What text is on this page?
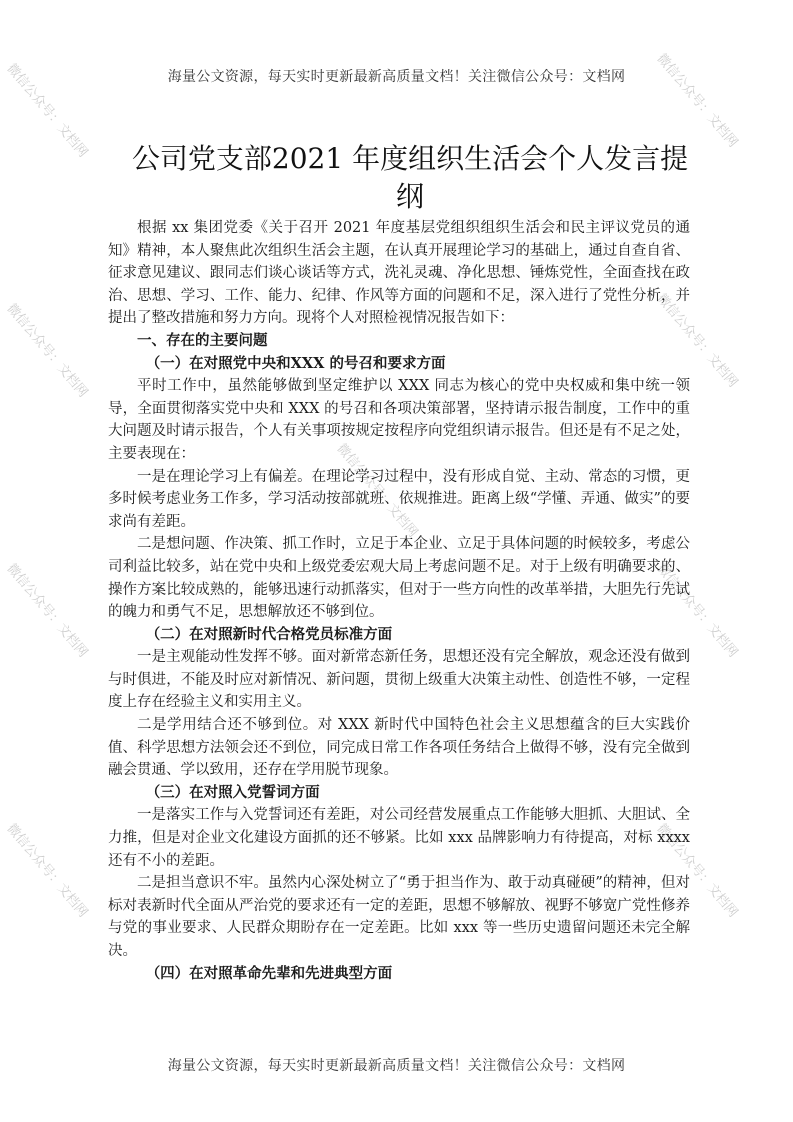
微信公众号：文档网	微信公众号：文档网
微信公众号：文档网	微信公众号：文档网
微信公众号：文档网	微信公众号：文档网
微信公众号：文档网	微信公众号：文档网
微信公众号：文档网
海量公文资源，每天实时更新最新高质量文档！关注微信公众号：文档网
公司党支部2021 年度组织生活会个人发言提纲

根据 xx 集团党委《关于召开 2021 年度基层党组织组织生活会和民主评议党员的通知》精神，本人聚焦此次组织生活会主题，在认真开展理论学习的基础上，通过自查自省、征求意见建议、跟同志们谈心谈话等方式，洗礼灵魂、净化思想、锤炼党性，全面查找在政治、思想、学习、工作、能力、纪律、作风等方面的问题和不足，深入进行了党性分析，并提出了整改措施和努力方向。现将个人对照检视情况报告如下：

一、存在的主要问题

（一）在对照党中央和XXX 的号召和要求方面

平时工作中，虽然能够做到坚定维护以 XXX 同志为核心的党中央权威和集中统一领导，全面贯彻落实党中央和 XXX 的号召和各项决策部署，坚持请示报告制度，工作中的重大问题及时请示报告，个人有关事项按规定按程序向党组织请示报告。但还是有不足之处，主要表现在：

一是在理论学习上有偏差。在理论学习过程中，没有形成自觉、主动、常态的习惯，更多时候考虑业务工作多，学习活动按部就班、依规推进。距离上级“学懂、弄通、做实”的要求尚有差距。

二是想问题、作决策、抓工作时，立足于本企业、立足于具体问题的时候较多，考虑公司利益比较多，站在党中央和上级党委宏观大局上考虑问题不足。对于上级有明确要求的、操作方案比较成熟的，能够迅速行动抓落实，但对于一些方向性的改革举措，大胆先行先试的魄力和勇气不足，思想解放还不够到位。

（二）在对照新时代合格党员标准方面

一是主观能动性发挥不够。面对新常态新任务，思想还没有完全解放，观念还没有做到与时俱进，不能及时应对新情况、新问题，贯彻上级重大决策主动性、创造性不够，一定程度上存在经验主义和实用主义。

二是学用结合还不够到位。对 XXX 新时代中国特色社会主义思想蕴含的巨大实践价值、科学思想方法领会还不到位，同完成日常工作各项任务结合上做得不够，没有完全做到融会贯通、学以致用，还存在学用脱节现象。

（三）在对照入党誓词方面

一是落实工作与入党誓词还有差距，对公司经营发展重点工作能够大胆抓、大胆试、全力推，但是对企业文化建设方面抓的还不够紧。比如 xxx 品牌影响力有待提高，对标 xxxx 还有不小的差距。

二是担当意识不牢。虽然内心深处树立了“勇于担当作为、敢于动真碰硬”的精神，但对标对表新时代全面从严治党的要求还有一定的差距，思想不够解放、视野不够宽广党性修养与党的事业要求、人民群众期盼存在一定差距。比如 xxx 等一些历史遗留问题还未完全解决。

（四）在对照革命先辈和先进典型方面

海量公文资源，每天实时更新最新高质量文档！关注微信公众号：文档网
